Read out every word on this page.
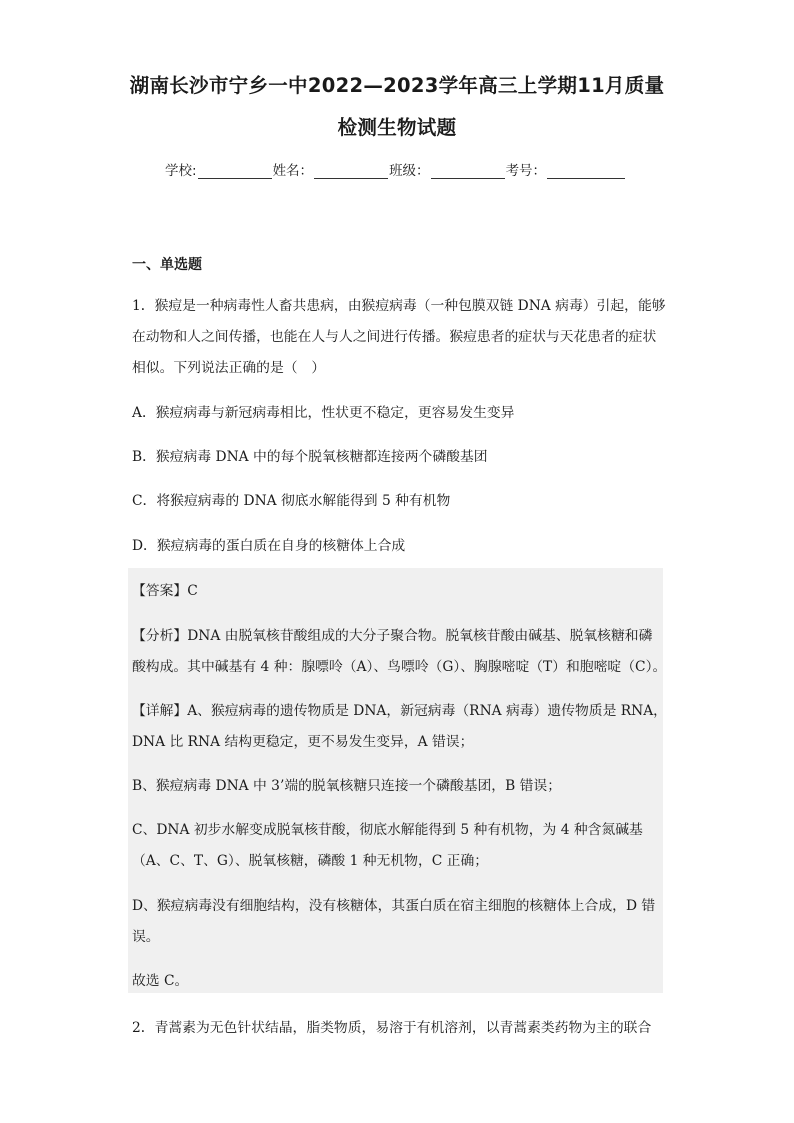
湖南长沙市宁乡一中2022—2023学年高三上学期11月质量
检测生物试题
学校:	姓名：	班级：	考号：
一、单选题
1．猴痘是一种病毒性人畜共患病，由猴痘病毒（一种包膜双链 DNA 病毒）引起，能够
在动物和人之间传播，也能在人与人之间进行传播。猴痘患者的症状与天花患者的症状
相似。下列说法正确的是（　）
A．猴痘病毒与新冠病毒相比，性状更不稳定，更容易发生变异
B．猴痘病毒 DNA 中的每个脱氧核糖都连接两个磷酸基团
C．将猴痘病毒的 DNA 彻底水解能得到 5 种有机物
D．猴痘病毒的蛋白质在自身的核糖体上合成
【答案】C
【分析】DNA 由脱氧核苷酸组成的大分子聚合物。脱氧核苷酸由碱基、脱氧核糖和磷
酸构成。其中碱基有 4 种：腺嘌呤（A）、鸟嘌呤（G）、胸腺嘧啶（T）和胞嘧啶（C）。
【详解】A、猴痘病毒的遗传物质是 DNA，新冠病毒（RNA 病毒）遗传物质是 RNA，
DNA 比 RNA 结构更稳定，更不易发生变异，A 错误；
B、猴痘病毒 DNA 中 3’端的脱氧核糖只连接一个磷酸基团，B 错误；
C、DNA 初步水解变成脱氧核苷酸，彻底水解能得到 5 种有机物，为 4 种含氮碱基
（A、C、T、G）、脱氧核糖，磷酸 1 种无机物，C 正确；
D、猴痘病毒没有细胞结构，没有核糖体，其蛋白质在宿主细胞的核糖体上合成，D 错
误。
故选 C。
2．青蒿素为无色针状结晶，脂类物质，易溶于有机溶剂，以青蒿素类药物为主的联合
